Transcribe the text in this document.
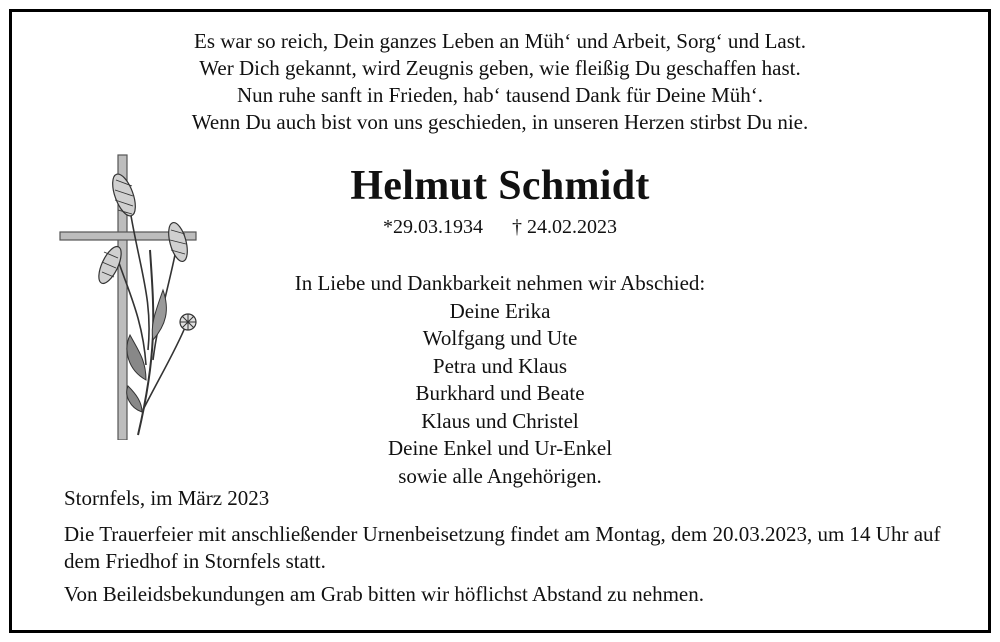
Es war so reich, Dein ganzes Leben an Müh‘ und Arbeit, Sorg‘ und Last.
Wer Dich gekannt, wird Zeugnis geben, wie fleißig Du geschaffen hast.
Nun ruhe sanft in Frieden, hab‘ tausend Dank für Deine Müh‘.
Wenn Du auch bist von uns geschieden, in unseren Herzen stirbst Du nie.
Helmut Schmidt
*29.03.1934 † 24.02.2023
In Liebe und Dankbarkeit nehmen wir Abschied:
Deine Erika
Wolfgang und Ute
Petra und Klaus
Burkhard und Beate
Klaus und Christel
Deine Enkel und Ur-Enkel
sowie alle Angehörigen.
Stornfels, im März 2023
Die Trauerfeier mit anschließender Urnenbeisetzung findet am Montag, dem 20.03.2023, um 14 Uhr auf dem Friedhof in Stornfels statt.
Von Beileidsbekundungen am Grab bitten wir höflichst Abstand zu nehmen.
